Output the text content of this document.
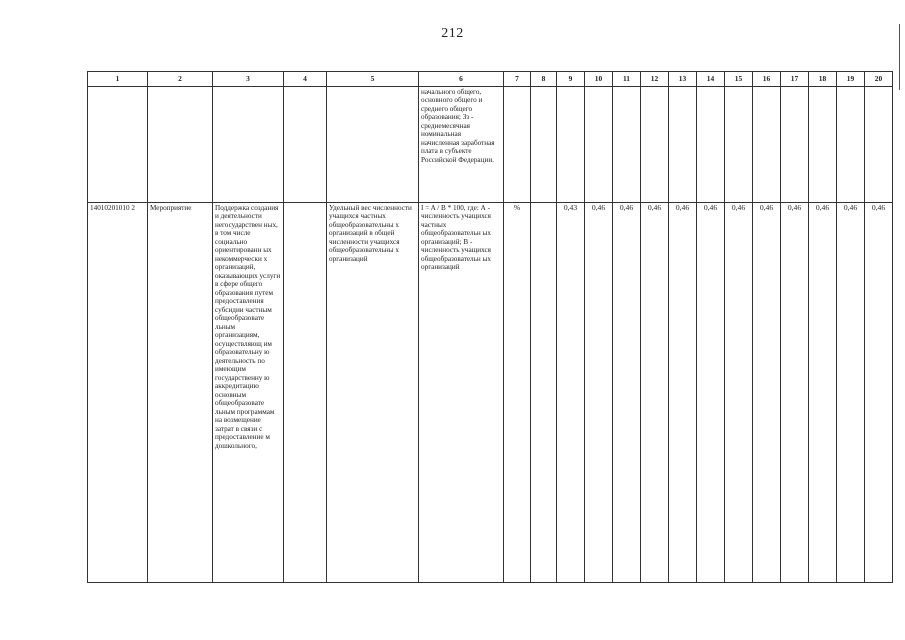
212
1	2	3	4	5	6	7	8	9	10	11	12	13	14	15	16	17	18	19	20
					начального общего, основного общего и среднего общего образования; Зз - среднемесячная номинальная начисленная заработная плата в субъекте Российской Федерации.														
14010201010 2	Мероприятие	Поддержка создания и деятельности негосударствен ных, в том числе социально ориентированн ых некоммерчески х организаций, оказывающих услуги в сфере общего образования путем предоставления субсидии частным общеобразовате льным организациям, осуществляющ им образовательну ю деятельность по имеющим государственну ю аккредитацию основным общеобразовате льным программам на возмещение затрат в связи с предоставление м дошкольного,		Удельный вес численности учащихся частных общеобразовательны х организаций в общей численности учащихся общеобразовательны х организаций	I = A / B * 100, где: А - численность учащихся частных общеобразовательн ых организаций; В - численность учащихся общеобразовательн ых организаций	%		0,43	0,46	0,46	0,46	0,46	0,46	0,46	0,46	0,46	0,46	0,46	0,46
